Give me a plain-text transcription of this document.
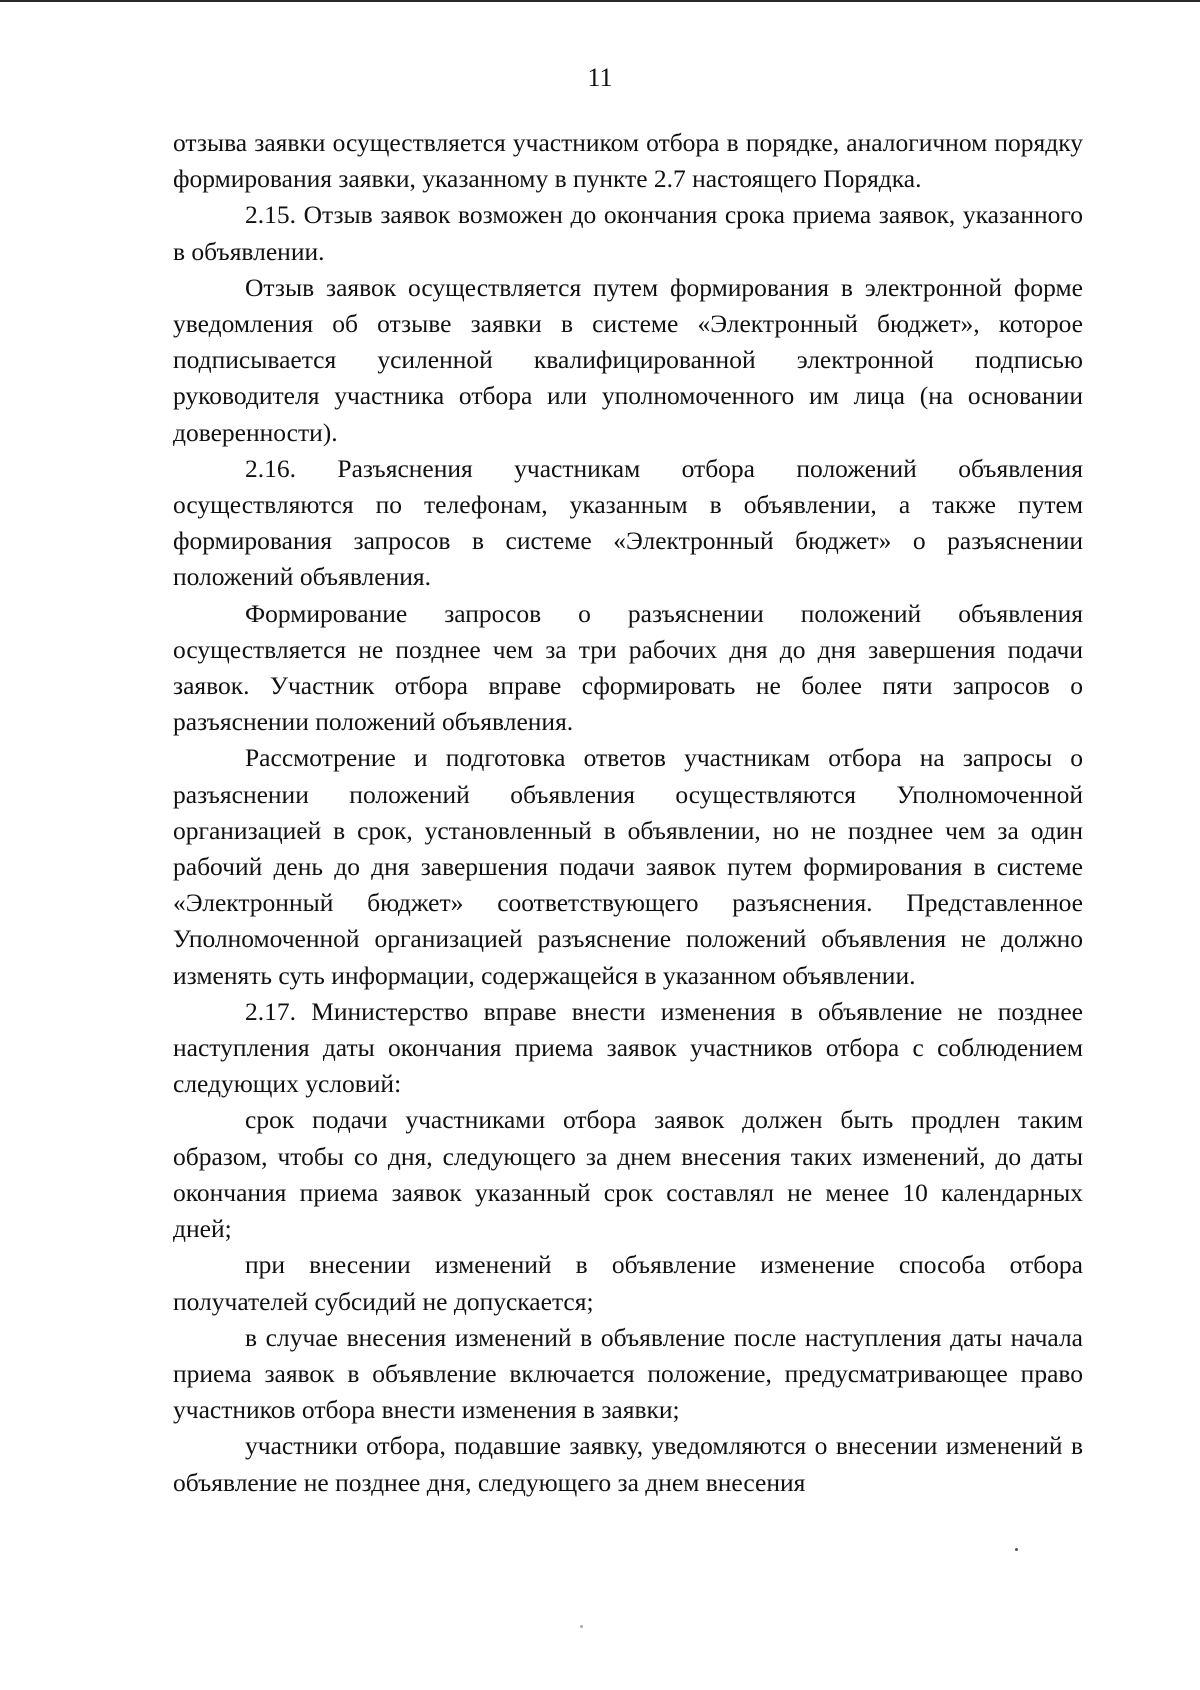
11

отзыва заявки осуществляется участником отбора в порядке, аналогичном порядку формирования заявки, указанному в пункте 2.7 настоящего Порядка.

2.15. Отзыв заявок возможен до окончания срока приема заявок, указанного в объявлении.

Отзыв заявок осуществляется путем формирования в электронной форме уведомления об отзыве заявки в системе «Электронный бюджет», которое подписывается усиленной квалифицированной электронной подписью руководителя участника отбора или уполномоченного им лица (на основании доверенности).

2.16. Разъяснения участникам отбора положений объявления осуществляются по телефонам, указанным в объявлении, а также путем формирования запросов в системе «Электронный бюджет» о разъяснении положений объявления.

Формирование запросов о разъяснении положений объявления осуществляется не позднее чем за три рабочих дня до дня завершения подачи заявок. Участник отбора вправе сформировать не более пяти запросов о разъяснении положений объявления.

Рассмотрение и подготовка ответов участникам отбора на запросы о разъяснении положений объявления осуществляются Уполномоченной организацией в срок, установленный в объявлении, но не позднее чем за один рабочий день до дня завершения подачи заявок путем формирования в системе «Электронный бюджет» соответствующего разъяснения. Представленное Уполномоченной организацией разъяснение положений объявления не должно изменять суть информации, содержащейся в указанном объявлении.

2.17. Министерство вправе внести изменения в объявление не позднее наступления даты окончания приема заявок участников отбора с соблюдением следующих условий:

срок подачи участниками отбора заявок должен быть продлен таким образом, чтобы со дня, следующего за днем внесения таких изменений, до даты окончания приема заявок указанный срок составлял не менее 10 календарных дней;

при внесении изменений в объявление изменение способа отбора получателей субсидий не допускается;

в случае внесения изменений в объявление после наступления даты начала приема заявок в объявление включается положение, предусматривающее право участников отбора внести изменения в заявки;

участники отбора, подавшие заявку, уведомляются о внесении изменений в объявление не позднее дня, следующего за днем внесения
